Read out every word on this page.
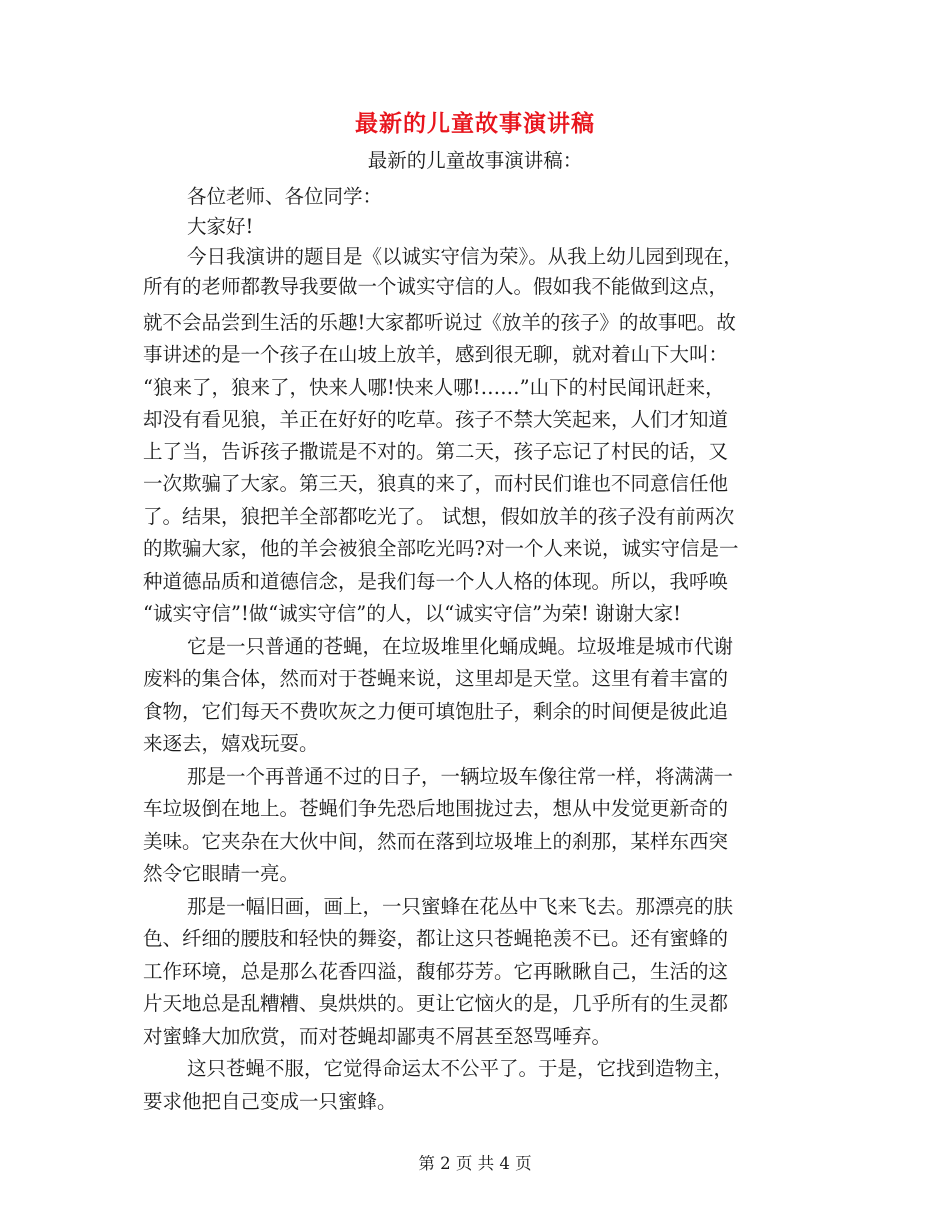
最新的儿童故事演讲稿
最新的儿童故事演讲稿：
各位老师、各位同学：
大家好!
今日我演讲的题目是《以诚实守信为荣》。从我上幼儿园到现在，
所有的老师都教导我要做一个诚实守信的人。假如我不能做到这点，
就不会品尝到生活的乐趣!大家都听说过《放羊的孩子》的故事吧。故
事讲述的是一个孩子在山坡上放羊，感到很无聊，就对着山下大叫：
“狼来了，狼来了，快来人哪!快来人哪!……”山下的村民闻讯赶来，
却没有看见狼，羊正在好好的吃草。孩子不禁大笑起来，人们才知道
上了当，告诉孩子撒谎是不对的。第二天，孩子忘记了村民的话，又
一次欺骗了大家。第三天，狼真的来了，而村民们谁也不同意信任他
了。结果，狼把羊全部都吃光了。 试想，假如放羊的孩子没有前两次
的欺骗大家，他的羊会被狼全部吃光吗?对一个人来说，诚实守信是一
种道德品质和道德信念，是我们每一个人人格的体现。所以，我呼唤
“诚实守信”!做“诚实守信”的人，以“诚实守信”为荣! 谢谢大家!
它是一只普通的苍蝇，在垃圾堆里化蛹成蝇。垃圾堆是城市代谢
废料的集合体，然而对于苍蝇来说，这里却是天堂。这里有着丰富的
食物，它们每天不费吹灰之力便可填饱肚子，剩余的时间便是彼此追
来逐去，嬉戏玩耍。
那是一个再普通不过的日子，一辆垃圾车像往常一样，将满满一
车垃圾倒在地上。苍蝇们争先恐后地围拢过去，想从中发觉更新奇的
美味。它夹杂在大伙中间，然而在落到垃圾堆上的刹那，某样东西突
然令它眼睛一亮。
那是一幅旧画，画上，一只蜜蜂在花丛中飞来飞去。那漂亮的肤
色、纤细的腰肢和轻快的舞姿，都让这只苍蝇艳羡不已。还有蜜蜂的
工作环境，总是那么花香四溢，馥郁芬芳。它再瞅瞅自己，生活的这
片天地总是乱糟糟、臭烘烘的。更让它恼火的是，几乎所有的生灵都
对蜜蜂大加欣赏，而对苍蝇却鄙夷不屑甚至怒骂唾弃。
这只苍蝇不服，它觉得命运太不公平了。于是，它找到造物主，
要求他把自己变成一只蜜蜂。
第 2 页 共 4 页
